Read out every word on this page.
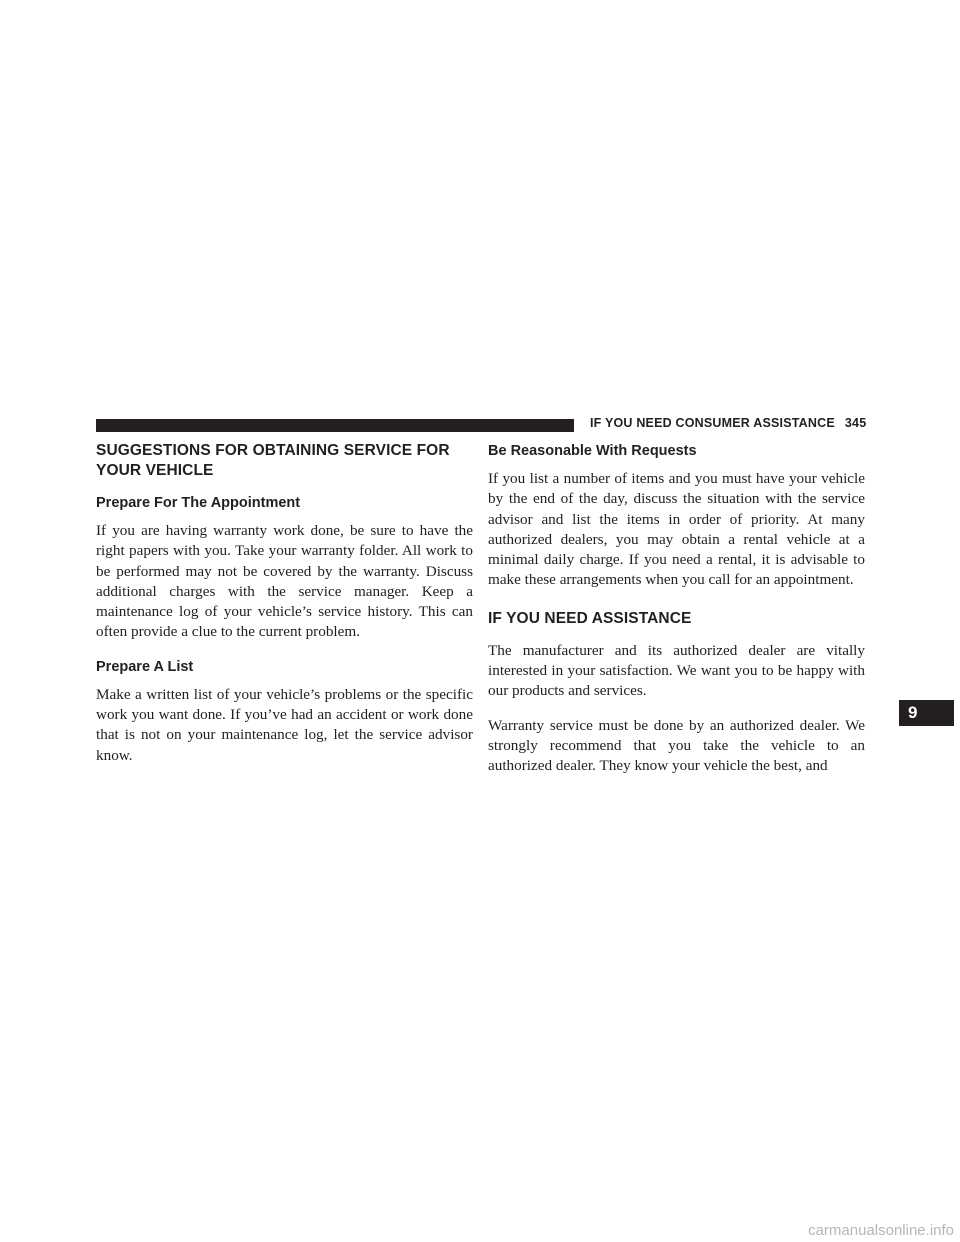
IF YOU NEED CONSUMER ASSISTANCE 345
SUGGESTIONS FOR OBTAINING SERVICE FOR YOUR VEHICLE
Prepare For The Appointment

If you are having warranty work done, be sure to have the right papers with you. Take your warranty folder. All work to be performed may not be covered by the warranty. Discuss additional charges with the service manager. Keep a maintenance log of your vehicle’s service history. This can often provide a clue to the current problem.

Prepare A List

Make a written list of your vehicle’s problems or the specific work you want done. If you’ve had an accident or work done that is not on your maintenance log, let the service advisor know.

Be Reasonable With Requests

If you list a number of items and you must have your vehicle by the end of the day, discuss the situation with the service advisor and list the items in order of priority. At many authorized dealers, you may obtain a rental vehicle at a minimal daily charge. If you need a rental, it is advisable to make these arrangements when you call for an appointment.

IF YOU NEED ASSISTANCE

The manufacturer and its authorized dealer are vitally interested in your satisfaction. We want you to be happy with our products and services.

Warranty service must be done by an authorized dealer. We strongly recommend that you take the vehicle to an authorized dealer. They know your vehicle the best, and

9
carmanualsonline.info
